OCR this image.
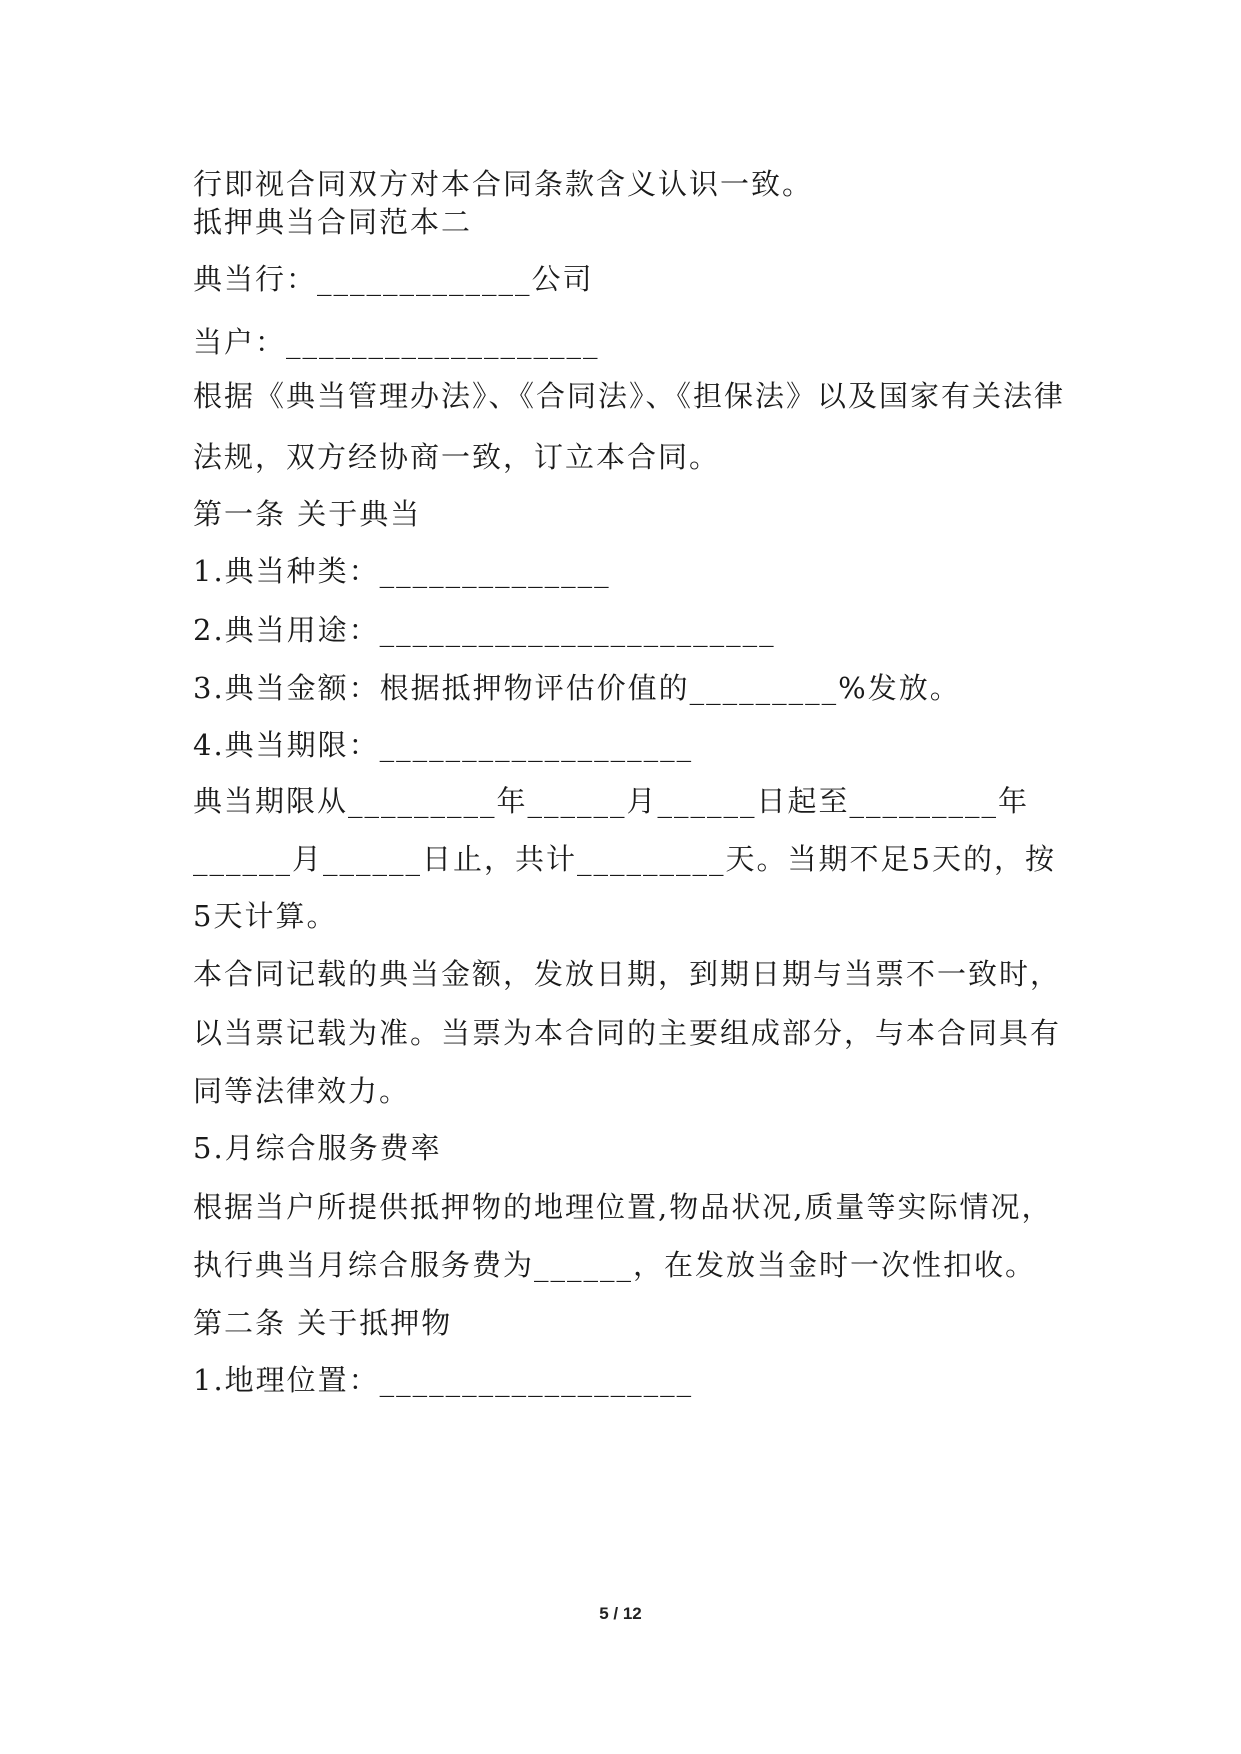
行即视合同双方对本合同条款含义认识一致。
抵押典当合同范本二
典当行：_____________公司
当户：___________________
根据《典当管理办法》、《合同法》、《担保法》以及国家有关法律
法规，双方经协商一致，订立本合同。
第一条 关于典当
1.典当种类：______________
2.典当用途：________________________
3.典当金额：根据抵押物评估价值的_________%发放。
4.典当期限：___________________
典当期限从_________年______月______日起至_________年
______月______日止，共计_________天。当期不足5天的，按
5天计算。
本合同记载的典当金额，发放日期，到期日期与当票不一致时，
以当票记载为准。当票为本合同的主要组成部分，与本合同具有
同等法律效力。
5.月综合服务费率
根据当户所提供抵押物的地理位置,物品状况,质量等实际情况，
执行典当月综合服务费为______，在发放当金时一次性扣收。
第二条 关于抵押物
1.地理位置：___________________
5 / 12
